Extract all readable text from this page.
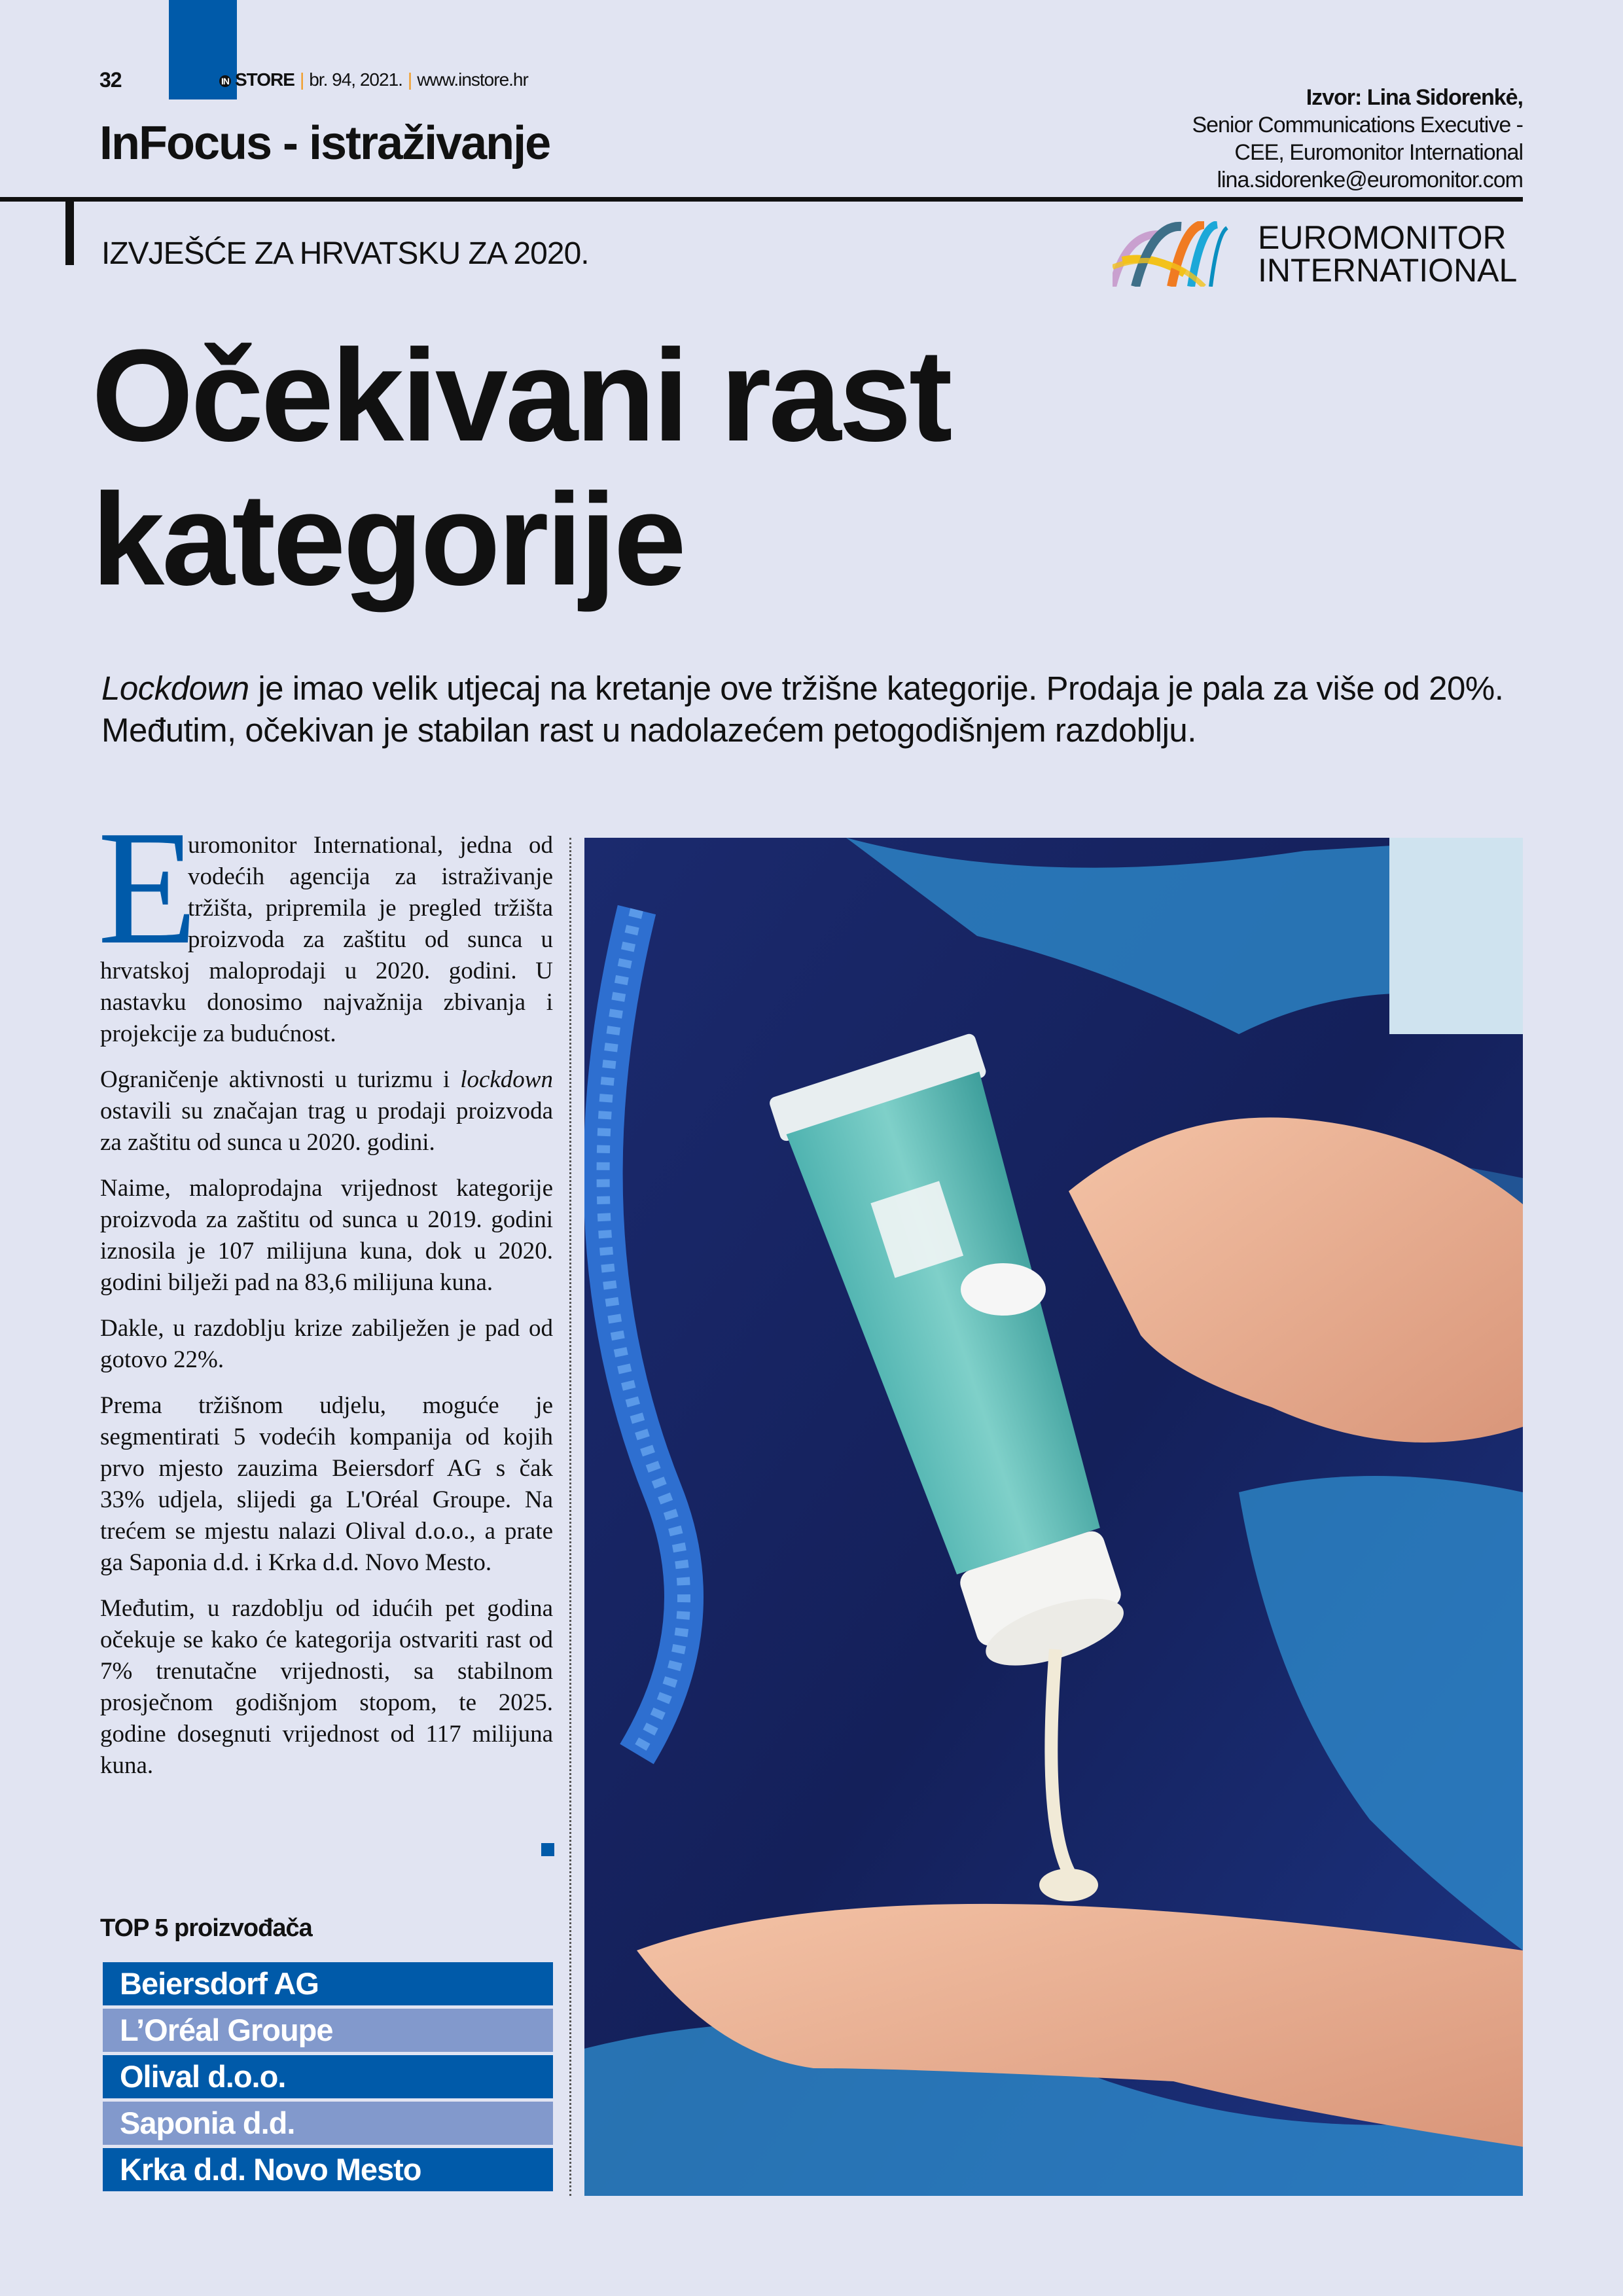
32	IN STORE | br. 94, 2021. | www.instore.hr
InFocus - istraživanje
Izvor: Lina Sidorenkė,
Senior Communications Executive -
CEE, Euromonitor International
lina.sidorenke@euromonitor.com
IZVJEŠĆE ZA HRVATSKU ZA 2020.	EUROMONITOR
INTERNATIONAL
Očekivani rast
kategorije
Lockdown je imao velik utjecaj na kretanje ove tržišne kategorije. Prodaja je pala za više od 20%. Međutim, očekivan je stabilan rast u nadolazećem petogodišnjem razdoblju.

E
uromonitor International, jedna od vodećih agencija za istraživanje tržišta, pripremila je pregled tržišta proizvoda za zaštitu od sunca u hrvatskoj maloprodaji u 2020. godini. U nastavku donosimo najvažnija zbivanja i projekcije za budućnost.

Ograničenje aktivnosti u turizmu i lockdown ostavili su značajan trag u prodaji proizvoda za zaštitu od sunca u 2020. godini.

Naime, maloprodajna vrijednost kategorije proizvoda za zaštitu od sunca u 2019. godini iznosila je 107 milijuna kuna, dok u 2020. godini bilježi pad na 83,6 milijuna kuna.

Dakle, u razdoblju krize zabilježen je pad od gotovo 22%.

Prema tržišnom udjelu, moguće je segmentirati 5 vodećih kompanija od kojih prvo mjesto zauzima Beiersdorf AG s čak 33% udjela, slijedi ga L'Oréal Groupe. Na trećem se mjestu nalazi Olival d.o.o., a prate ga Saponia d.d. i Krka d.d. Novo Mesto.

Međutim, u razdoblju od idućih pet godina očekuje se kako će kategorija ostvariti rast od 7% trenutačne vrijednosti, sa stabilnom prosječnom godišnjom stopom, te 2025. godine dosegnuti vrijednost od 117 milijuna kuna.

TOP 5 proizvođača
Beiersdorf AG
L’Oréal Groupe
Olival d.o.o.
Saponia d.d.
Krka d.d. Novo Mesto
